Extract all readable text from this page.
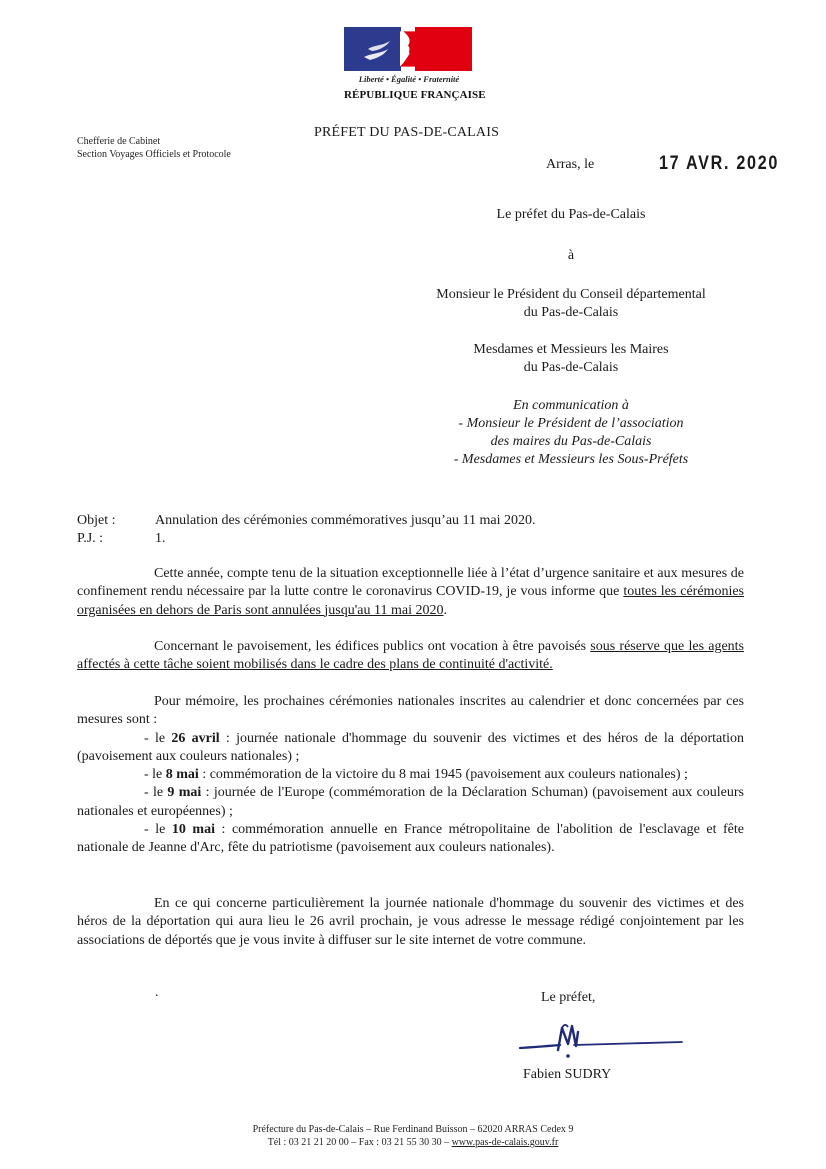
Liberté • Égalité • Fraternité
RÉPUBLIQUE FRANÇAISE
Chefferie de Cabinet
Section Voyages Officiels et Protocole
PRÉFET DU PAS-DE-CALAIS
Arras, le	17 AVR. 2020
Le préfet du Pas-de-Calais
à
Monsieur le Président du Conseil départemental
du Pas-de-Calais
Mesdames et Messieurs les Maires
du Pas-de-Calais
En communication à
- Monsieur le Président de l’association
des maires du Pas-de-Calais
- Mesdames et Messieurs les Sous-Préfets
Objet :	Annulation des cérémonies commémoratives jusqu’au 11 mai 2020.
P.J. :	1.

Cette année, compte tenu de la situation exceptionnelle liée à l’état d’urgence sanitaire et aux mesures de confinement rendu nécessaire par la lutte contre le coronavirus COVID-19, je vous informe que toutes les cérémonies organisées en dehors de Paris sont annulées jusqu'au 11 mai 2020.

Concernant le pavoisement, les édifices publics ont vocation à être pavoisés sous réserve que les agents affectés à cette tâche soient mobilisés dans le cadre des plans de continuité d'activité.

Pour mémoire, les prochaines cérémonies nationales inscrites au calendrier et donc concernées par ces mesures sont :

- le 26 avril : journée nationale d'hommage du souvenir des victimes et des héros de la déportation (pavoisement aux couleurs nationales) ;

- le 8 mai : commémoration de la victoire du 8 mai 1945 (pavoisement aux couleurs nationales) ;

- le 9 mai : journée de l'Europe (commémoration de la Déclaration Schuman) (pavoisement aux couleurs nationales et européennes) ;

- le 10 mai : commémoration annuelle en France métropolitaine de l'abolition de l'esclavage et fête nationale de Jeanne d'Arc, fête du patriotisme (pavoisement aux couleurs nationales).

En ce qui concerne particulièrement la journée nationale d'hommage du souvenir des victimes et des héros de la déportation qui aura lieu le 26 avril prochain, je vous adresse le message rédigé conjointement par les associations de déportés que je vous invite à diffuser sur le site internet de votre commune.

.	Le préfet,
Fabien SUDRY
Préfecture du Pas-de-Calais – Rue Ferdinand Buisson – 62020 ARRAS Cedex 9
Tél : 03 21 21 20 00 – Fax : 03 21 55 30 30 – www.pas-de-calais.gouv.fr
